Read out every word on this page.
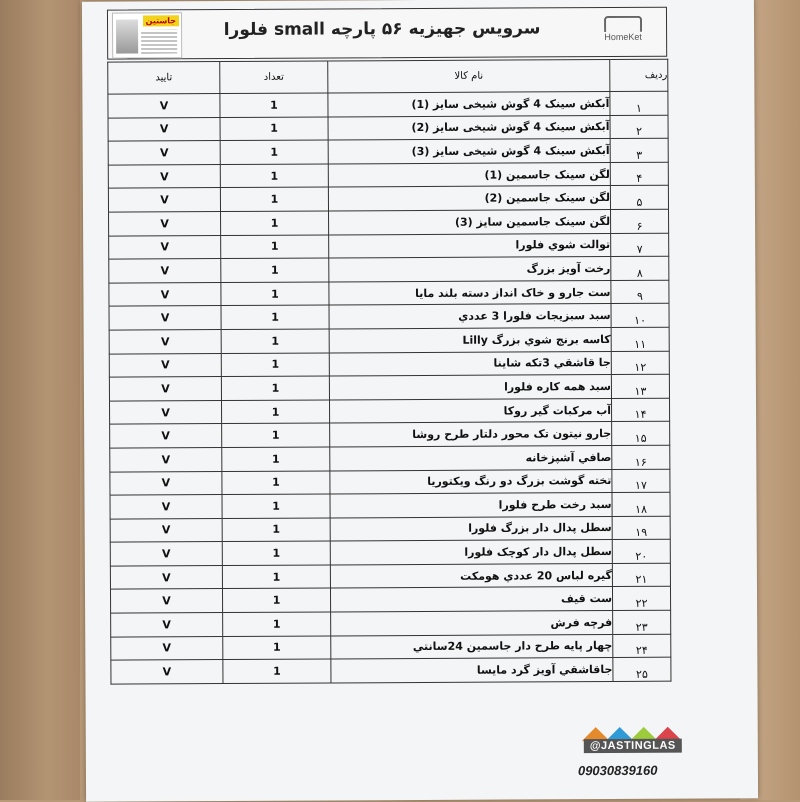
جاستین	سرویس جهیزیه ۵۶ پارچه small فلورا	HomeKet
تایید	تعداد	نام کالا	ردیف
V	1	آبکش سینک 4 گوش شیخی سایز (1)	۱
V	1	آبکش سینک 4 گوش شیخی سایز (2)	۲
V	1	آبکش سینک 4 گوش شیخی سایز (3)	۳
V	1	لگن سینک جاسمین (1)	۴
V	1	لگن سینک جاسمین (2)	۵
V	1	لگن سینک جاسمین سایز (3)	۶
V	1	توالت شوي فلورا	۷
V	1	رخت آويز بزرگ	۸
V	1	ست جارو و خاک انداز دسته بلند مايا	۹
V	1	سبد سبزیجات فلورا 3 عددي	۱۰
V	1	کاسه برنج شوي بزرگ Lilly	۱۱
V	1	جا قاشقي 3تکه شاينا	۱۲
V	1	سبد همه کاره فلورا	۱۳
V	1	آب مرکبات گير روکا	۱۴
V	1	جارو نيتون تک محور دلتار طرح روشا	۱۵
V	1	صافي آشپزخانه	۱۶
V	1	تخته گوشت بزرگ دو رنگ ويکتوريا	۱۷
V	1	سبد رخت طرح فلورا	۱۸
V	1	سطل پدال دار بزرگ فلورا	۱۹
V	1	سطل پدال دار کوچک فلورا	۲۰
V	1	گيره لباس 20 عددي هومکت	۲۱
V	1	ست قيف	۲۲
V	1	فرچه فرش	۲۳
V	1	چهار پايه طرح دار جاسمين 24سانتي	۲۴
V	1	جاقاشقي آويز گرد مايسا	۲۵
@JASTINGLAS
09030839160
